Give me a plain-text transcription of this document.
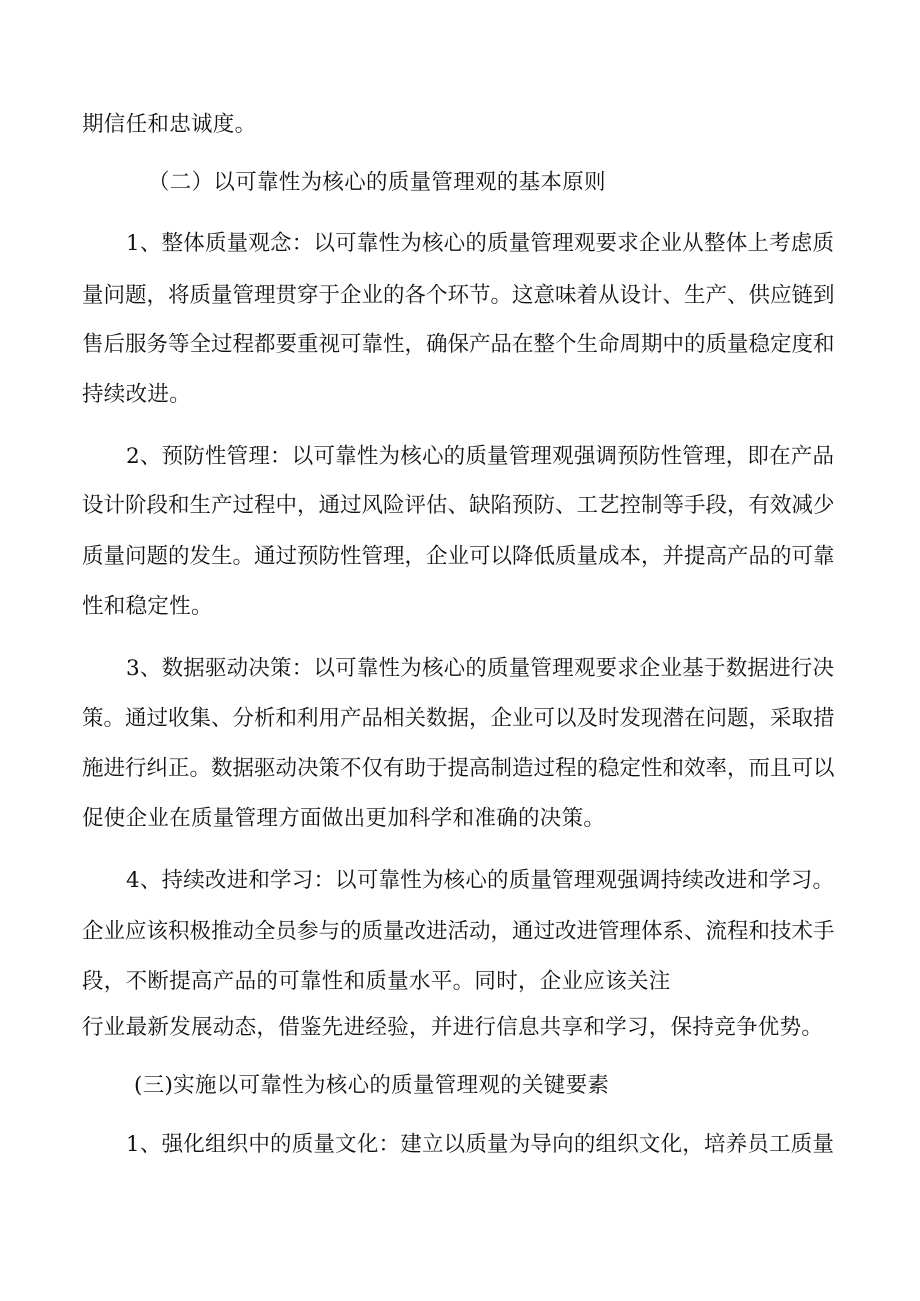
期信任和忠诚度。
（二）以可靠性为核心的质量管理观的基本原则
1、整体质量观念：以可靠性为核心的质量管理观要求企业从整体上考虑质
量问题，将质量管理贯穿于企业的各个环节。这意味着从设计、生产、供应链到
售后服务等全过程都要重视可靠性，确保产品在整个生命周期中的质量稳定度和
持续改进。
2、预防性管理：以可靠性为核心的质量管理观强调预防性管理，即在产品
设计阶段和生产过程中，通过风险评估、缺陷预防、工艺控制等手段，有效减少
质量问题的发生。通过预防性管理，企业可以降低质量成本，并提高产品的可靠
性和稳定性。
3、数据驱动决策：以可靠性为核心的质量管理观要求企业基于数据进行决
策。通过收集、分析和利用产品相关数据，企业可以及时发现潜在问题，采取措
施进行纠正。数据驱动决策不仅有助于提高制造过程的稳定性和效率，而且可以
促使企业在质量管理方面做出更加科学和准确的决策。
4、持续改进和学习：以可靠性为核心的质量管理观强调持续改进和学习。
企业应该积极推动全员参与的质量改进活动，通过改进管理体系、流程和技术手
段，不断提高产品的可靠性和质量水平。同时，企业应该关注
行业最新发展动态，借鉴先进经验，并进行信息共享和学习，保持竞争优势。
(三)实施以可靠性为核心的质量管理观的关键要素
1、强化组织中的质量文化：建立以质量为导向的组织文化，培养员工质量
